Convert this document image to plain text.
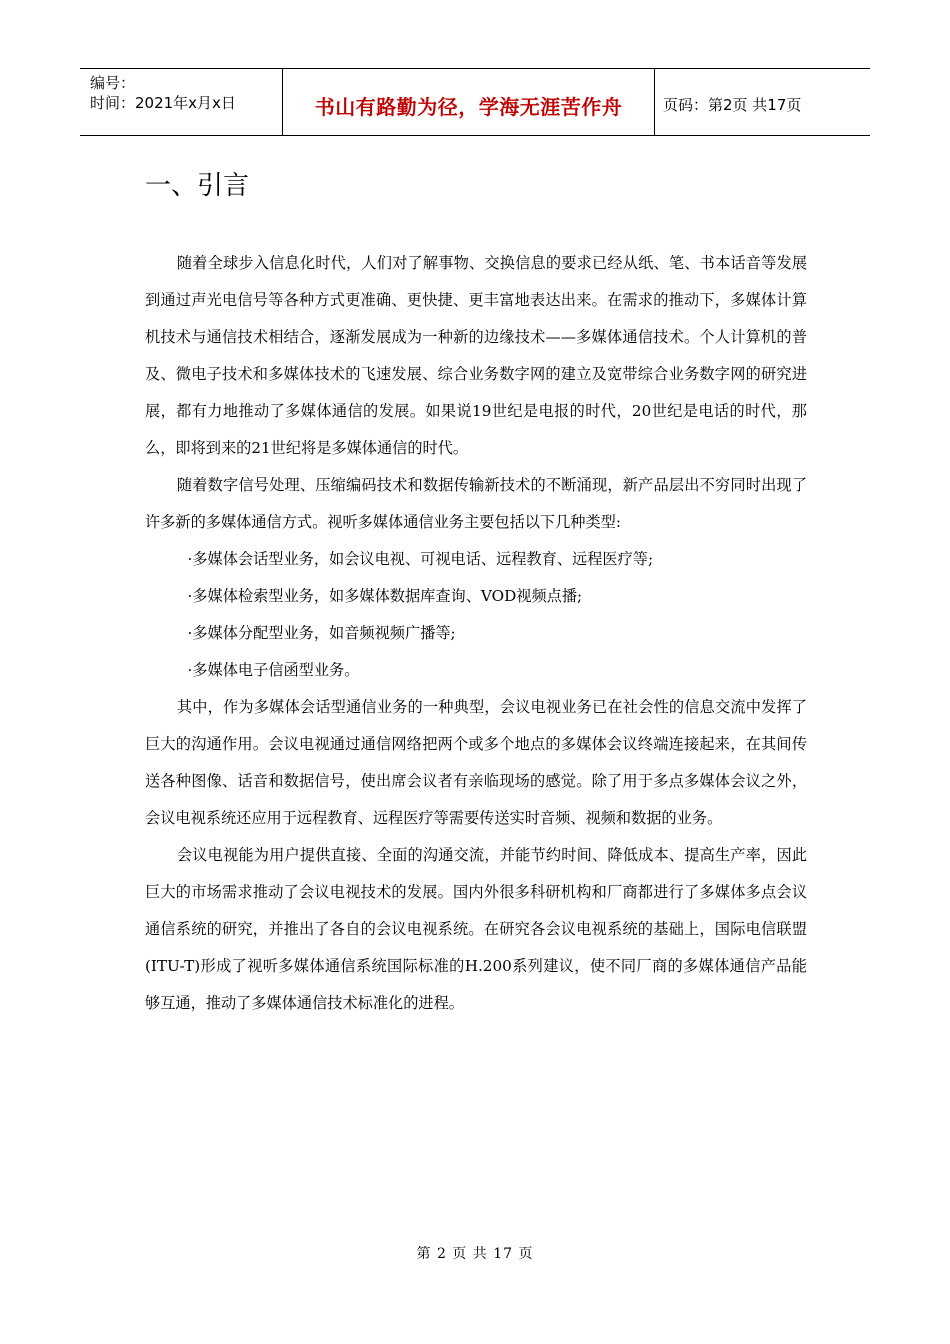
编号：
时间：2021年x月x日	书山有路勤为径，学海无涯苦作舟	页码：第2页 共17页
一、引言

随着全球步入信息化时代，人们对了解事物、交换信息的要求已经从纸、笔、书本话音等发展到通过声光电信号等各种方式更准确、更快捷、更丰富地表达出来。在需求的推动下，多媒体计算机技术与通信技术相结合，逐渐发展成为一种新的边缘技术——多媒体通信技术。个人计算机的普及、微电子技术和多媒体技术的飞速发展、综合业务数字网的建立及宽带综合业务数字网的研究进展，都有力地推动了多媒体通信的发展。如果说19世纪是电报的时代，20世纪是电话的时代，那么，即将到来的21世纪将是多媒体通信的时代。

随着数字信号处理、压缩编码技术和数据传输新技术的不断涌现，新产品层出不穷同时出现了许多新的多媒体通信方式。视听多媒体通信业务主要包括以下几种类型:

·多媒体会话型业务，如会议电视、可视电话、远程教育、远程医疗等;

·多媒体检索型业务，如多媒体数据库查询、VOD视频点播;

·多媒体分配型业务，如音频视频广播等;

·多媒体电子信函型业务。

其中，作为多媒体会话型通信业务的一种典型，会议电视业务已在社会性的信息交流中发挥了巨大的沟通作用。会议电视通过通信网络把两个或多个地点的多媒体会议终端连接起来，在其间传送各种图像、话音和数据信号，使出席会议者有亲临现场的感觉。除了用于多点多媒体会议之外，会议电视系统还应用于远程教育、远程医疗等需要传送实时音频、视频和数据的业务。

会议电视能为用户提供直接、全面的沟通交流，并能节约时间、降低成本、提高生产率，因此巨大的市场需求推动了会议电视技术的发展。国内外很多科研机构和厂商都进行了多媒体多点会议通信系统的研究，并推出了各自的会议电视系统。在研究各会议电视系统的基础上，国际电信联盟(ITU-T)形成了视听多媒体通信系统国际标准的H.200系列建议，使不同厂商的多媒体通信产品能够互通，推动了多媒体通信技术标准化的进程。

第 2 页 共 17 页
